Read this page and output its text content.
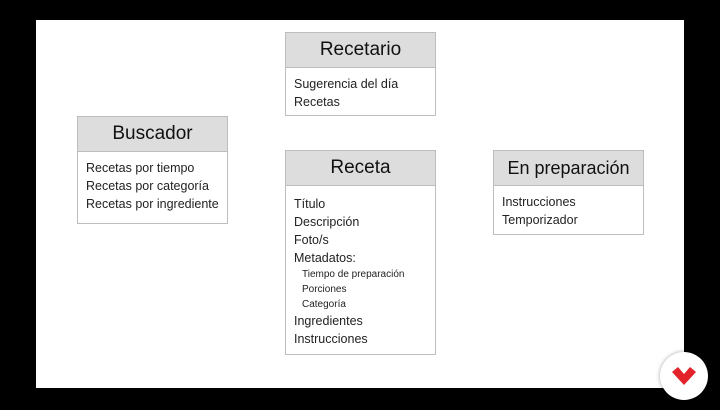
Recetario
Sugerencia del día
Recetas
Buscador
Recetas por tiempo
Recetas por categoría
Recetas por ingrediente
Receta
Título
Descripción
Foto/s
Metadatos:
Tiempo de preparación
Porciones
Categoría
Ingredientes
Instrucciones
En preparación
Instrucciones
Temporizador
